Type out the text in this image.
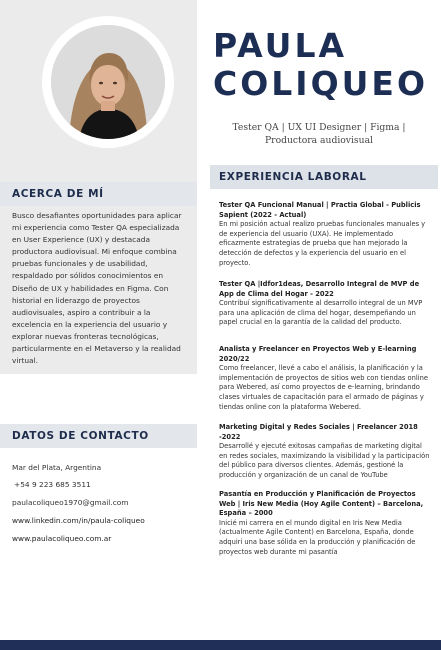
ACERCA DE MÍ
Busco desafiantes oportunidades para aplicar mi experiencia como Tester QA especializada en User Experience (UX) y destacada productora audiovisual. Mi enfoque combina pruebas funcionales y de usabilidad, respaldado por sólidos conocimientos en Diseño de UX y habilidades en Figma. Con historial en liderazgo de proyectos audiovisuales, aspiro a contribuir a la excelencia en la experiencia del usuario y explorar nuevas fronteras tecnológicas, particularmente en el Metaverso y la realidad virtual.
DATOS DE CONTACTO
Mar del Plata, Argentina
+54 9 223 685 3511
paulacoliqueo1970@gmail.com
www.linkedin.com/in/paula-coliqueo
www.paulacoliqueo.com.ar
PAULA
COLIQUEO
Tester QA | UX UI Designer | Figma | Productora audiovisual
EXPERIENCIA LABORAL
Tester QA Funcional Manual | Practia Global - Publicis Sapient (2022 - Actual)
En mi posición actual realizo pruebas funcionales manuales y de experiencia del usuario (UXA). He implementado eficazmente estrategias de prueba que han mejorado la detección de defectos y la experiencia del usuario en el proyecto.
Tester QA |Idfor1deas, Desarrollo Integral de MVP de App de Clima del Hogar - 2022
Contribuí significativamente al desarrollo integral de un MVP para una aplicación de clima del hogar, desempeñando un papel crucial en la garantía de la calidad del producto.
Analista y Freelancer en Proyectos Web y E-learning 2020/22
Como freelancer, llevé a cabo el análisis, la planificación y la implementación de proyectos de sitios web con tiendas online para Webered, así como proyectos de e-learning, brindando clases virtuales de capacitación para el armado de páginas y tiendas online con la plataforma Webered.
Marketing Digital y Redes Sociales | Freelancer 2018 -2022
Desarrollé y ejecuté exitosas campañas de marketing digital en redes sociales, maximizando la visibilidad y la participación del público para diversos clientes. Además, gestioné la producción y organización de un canal de YouTube
Pasantía en Producción y Planificación de Proyectos Web | Iris New Media (Hoy Agile Content) – Barcelona, España – 2000
Inicié mi carrera en el mundo digital en Iris New Media (actualmente Agile Content) en Barcelona, España, donde adquirí una base sólida en la producción y planificación de proyectos web durante mi pasantía
